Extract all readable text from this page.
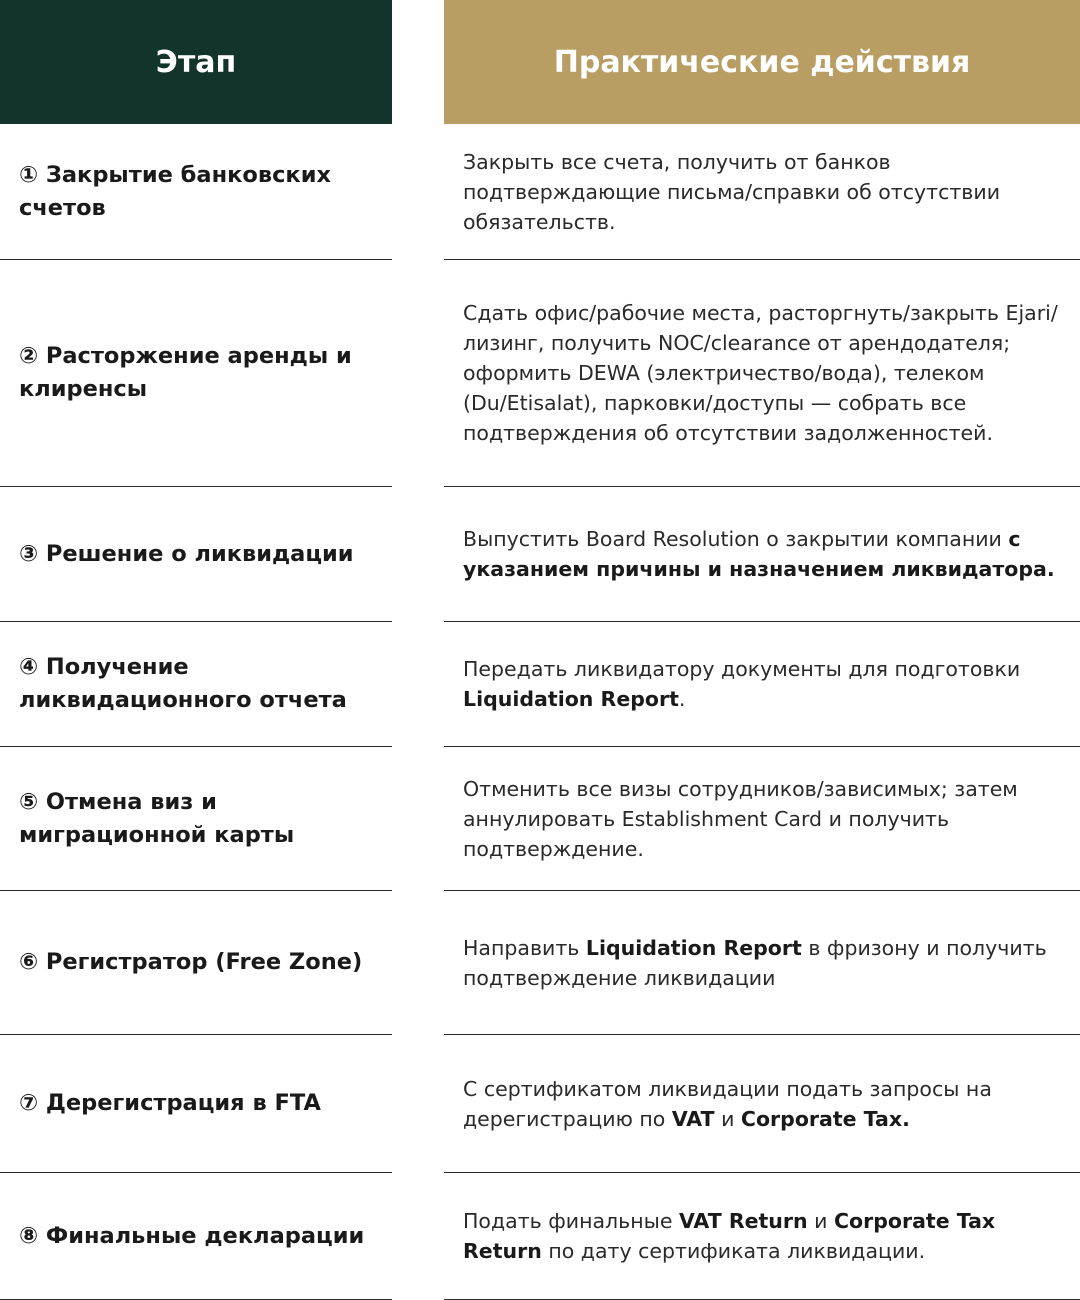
Этап	Практические действия
① Закрытие банковских счетов
Закрыть все счета, получить от банков подтверждающие письма/справки об отсутствии обязательств.
② Расторжение аренды и клиренсы
Сдать офис/рабочие места, расторгнуть/закрыть Ejari/лизинг, получить NOC/clearance от арендодателя; оформить DEWA (электричество/вода), телеком (Du/Etisalat), парковки/доступы — собрать все подтверждения об отсутствии задолженностей.
③ Решение о ликвидации
Выпустить Board Resolution о закрытии компании с указанием причины и назначением ликвидатора.
④ Получение ликвидационного отчета
Передать ликвидатору документы для подготовки Liquidation Report.
⑤ Отмена виз и миграционной карты
Отменить все визы сотрудников/зависимых; затем аннулировать Establishment Card и получить подтверждение.
⑥ Регистратор (Free Zone)
Направить Liquidation Report в фризону и получить подтверждение ликвидации
⑦ Дерегистрация в FTA
С сертификатом ликвидации подать запросы на дерегистрацию по VAT и Corporate Tax.
⑧ Финальные декларации
Подать финальные VAT Return и Corporate Tax Return по дату сертификата ликвидации.
